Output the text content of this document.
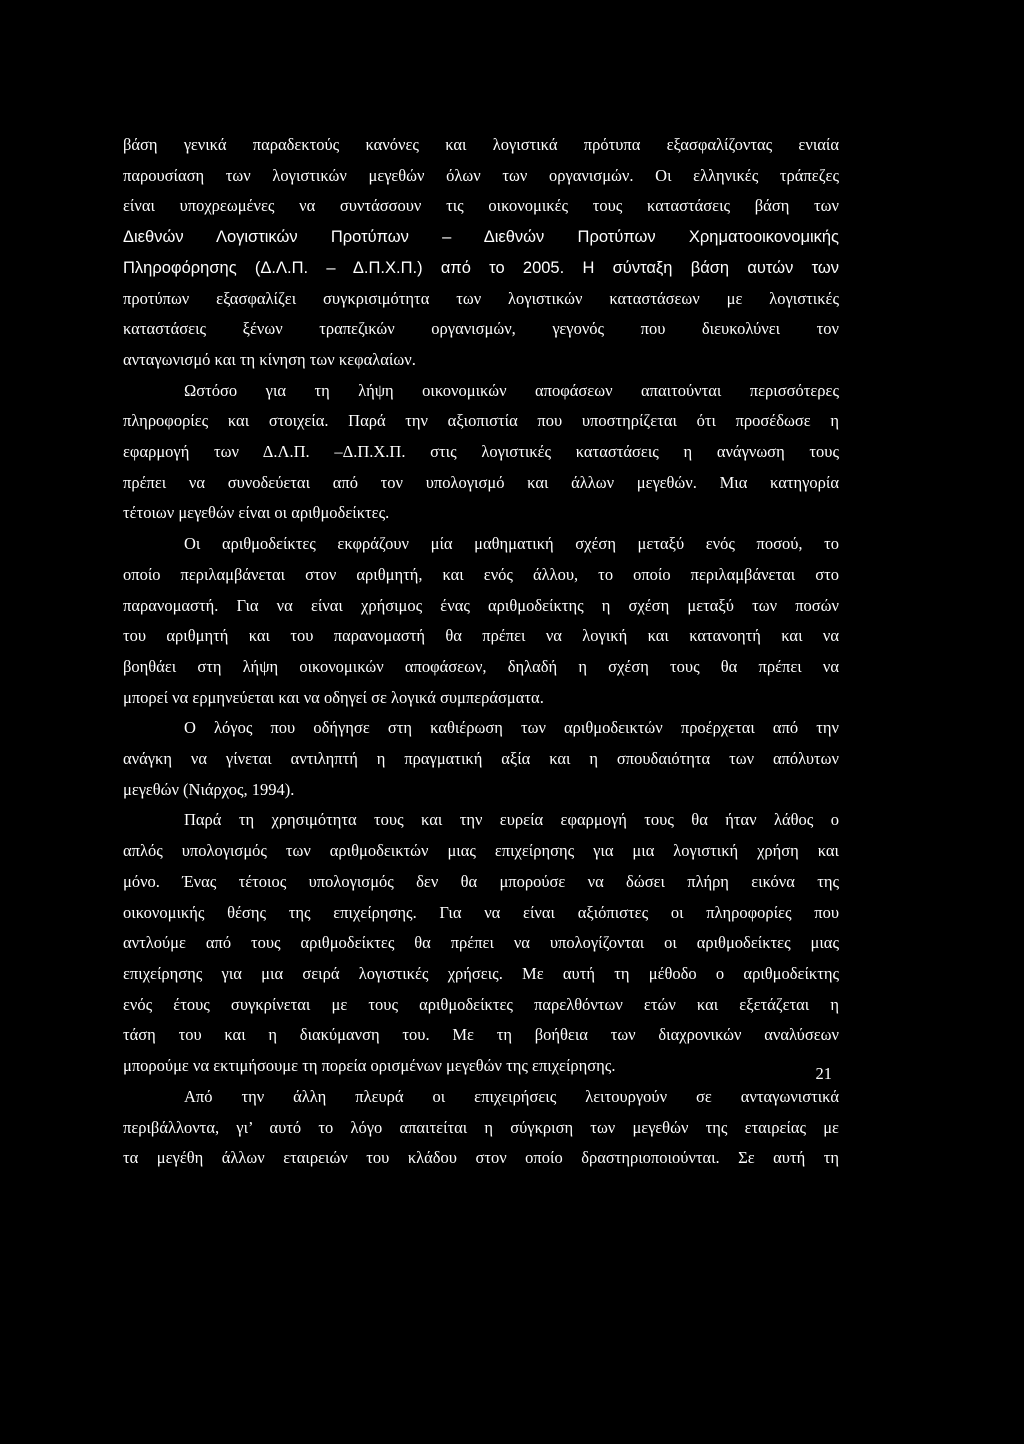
βάση γενικά παραδεκτούς κανόνες και λογιστικά πρότυπα εξασφαλίζοντας ενιαία
παρουσίαση των λογιστικών μεγεθών όλων των οργανισμών. Οι ελληνικές τράπεζες
είναι υποχρεωμένες να συντάσσουν τις οικονομικές τους καταστάσεις βάση των
Διεθνών Λογιστικών Προτύπων – Διεθνών Προτύπων Χρηματοοικονομικής
Πληροφόρησης (Δ.Λ.Π. – Δ.Π.Χ.Π.) από το 2005. Η σύνταξη βάση αυτών των
προτύπων εξασφαλίζει συγκρισιμότητα των λογιστικών καταστάσεων με λογιστικές
καταστάσεις ξένων τραπεζικών οργανισμών, γεγονός που διευκολύνει τον
ανταγωνισμό και τη κίνηση των κεφαλαίων.

Ωστόσο για τη λήψη οικονομικών αποφάσεων απαιτούνται περισσότερες
πληροφορίες και στοιχεία. Παρά την αξιοπιστία που υποστηρίζεται ότι προσέδωσε η
εφαρμογή των Δ.Λ.Π. –Δ.Π.Χ.Π. στις λογιστικές καταστάσεις η ανάγνωση τους
πρέπει να συνοδεύεται από τον υπολογισμό και άλλων μεγεθών. Μια κατηγορία
τέτοιων μεγεθών είναι οι αριθμοδείκτες.

Οι αριθμοδείκτες εκφράζουν μία μαθηματική σχέση μεταξύ ενός ποσού, το
οποίο περιλαμβάνεται στον αριθμητή, και ενός άλλου, το οποίο περιλαμβάνεται στο
παρανομαστή. Για να είναι χρήσιμος ένας αριθμοδείκτης η σχέση μεταξύ των ποσών
του αριθμητή και του παρανομαστή θα πρέπει να λογική και κατανοητή και να
βοηθάει στη λήψη οικονομικών αποφάσεων, δηλαδή η σχέση τους θα πρέπει να
μπορεί να ερμηνεύεται και να οδηγεί σε λογικά συμπεράσματα.

Ο λόγος που οδήγησε στη καθιέρωση των αριθμοδεικτών προέρχεται από την
ανάγκη να γίνεται αντιληπτή η πραγματική αξία και η σπουδαιότητα των απόλυτων
μεγεθών (Νιάρχος, 1994).

Παρά τη χρησιμότητα τους και την ευρεία εφαρμογή τους θα ήταν λάθος ο
απλός υπολογισμός των αριθμοδεικτών μιας επιχείρησης για μια λογιστική χρήση και
μόνο. Ένας τέτοιος υπολογισμός δεν θα μπορούσε να δώσει πλήρη εικόνα της
οικονομικής θέσης της επιχείρησης. Για να είναι αξιόπιστες οι πληροφορίες που
αντλούμε από τους αριθμοδείκτες θα πρέπει να υπολογίζονται οι αριθμοδείκτες μιας
επιχείρησης για μια σειρά λογιστικές χρήσεις. Με αυτή τη μέθοδο ο αριθμοδείκτης
ενός έτους συγκρίνεται με τους αριθμοδείκτες παρελθόντων ετών και εξετάζεται η
τάση του και η διακύμανση του. Με τη βοήθεια των διαχρονικών αναλύσεων
μπορούμε να εκτιμήσουμε τη πορεία ορισμένων μεγεθών της επιχείρησης.

Από την άλλη πλευρά οι επιχειρήσεις λειτουργούν σε ανταγωνιστικά
περιβάλλοντα, γι’ αυτό το λόγο απαιτείται η σύγκριση των μεγεθών της εταιρείας με
τα μεγέθη άλλων εταιρειών του κλάδου στον οποίο δραστηριοποιούνται. Σε αυτή τη

21
